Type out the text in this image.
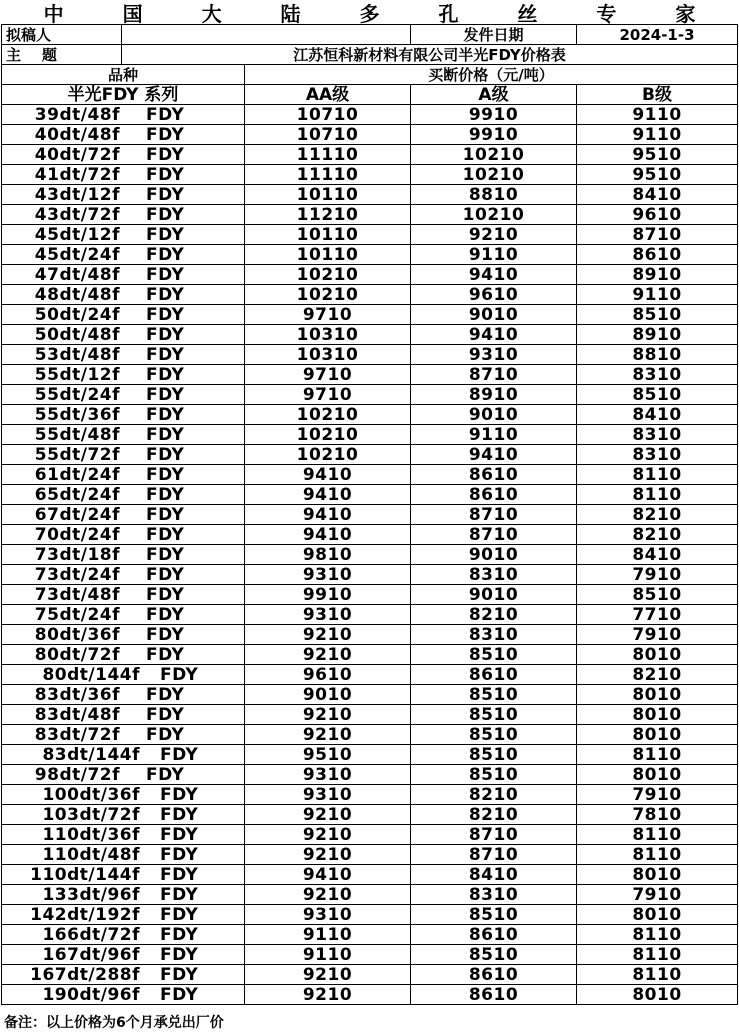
中 国 大 陆 多 孔 丝 专 家
拟稿人			发件日期	2024-1-3
主    题	江苏恒科新材料有限公司半光FDY价格表			
品种		买断价格（元/吨）		
半光FDY 系列		AA级	A级	B级
39dt/48f FDY		10710	9910	9110
40dt/48f FDY		10710	9910	9110
40dt/72f FDY		11110	10210	9510
41dt/72f FDY		11110	10210	9510
43dt/12f FDY		10110	8810	8410
43dt/72f FDY		11210	10210	9610
45dt/12f FDY		10110	9210	8710
45dt/24f FDY		10110	9110	8610
47dt/48f FDY		10210	9410	8910
48dt/48f FDY		10210	9610	9110
50dt/24f FDY		9710	9010	8510
50dt/48f FDY		10310	9410	8910
53dt/48f FDY		10310	9310	8810
55dt/12f FDY		9710	8710	8310
55dt/24f FDY		9710	8910	8510
55dt/36f FDY		10210	9010	8410
55dt/48f FDY		10210	9110	8310
55dt/72f FDY		10210	9410	8310
61dt/24f FDY		9410	8610	8110
65dt/24f FDY		9410	8610	8110
67dt/24f FDY		9410	8710	8210
70dt/24f FDY		9410	8710	8210
73dt/18f FDY		9810	9010	8410
73dt/24f FDY		9310	8310	7910
73dt/48f FDY		9910	9010	8510
75dt/24f FDY		9310	8210	7710
80dt/36f FDY		9210	8310	7910
80dt/72f FDY		9210	8510	8010
80dt/144f FDY		9610	8610	8210
83dt/36f FDY		9010	8510	8010
83dt/48f FDY		9210	8510	8010
83dt/72f FDY		9210	8510	8010
83dt/144f FDY		9510	8510	8110
98dt/72f FDY		9310	8510	8010
100dt/36f FDY		9310	8210	7910
103dt/72f FDY		9210	8210	7810
110dt/36f FDY		9210	8710	8110
110dt/48f FDY		9210	8710	8110
110dt/144f FDY		9410	8410	8010
133dt/96f FDY		9210	8310	7910
142dt/192f FDY		9310	8510	8010
166dt/72f FDY		9110	8610	8110
167dt/96f FDY		9110	8510	8110
167dt/288f FDY		9210	8610	8110
190dt/96f FDY		9210	8610	8010
备注：以上价格为6个月承兑出厂价
